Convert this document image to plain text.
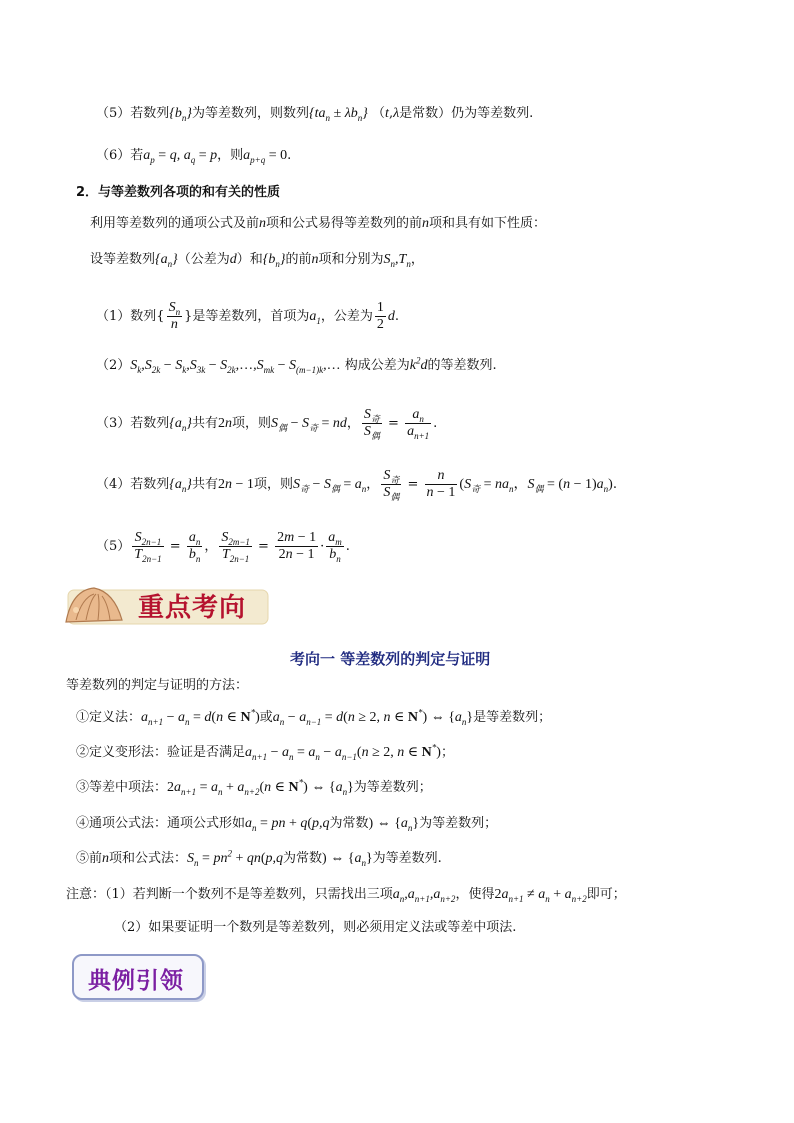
（5）若数列$\{b_n\}$为等差数列，则数列$\{ta_n \pm \lambda b_n\}$ （t,λ是常数）仍为等差数列.
（6）若$a_p = q$, $a_q = p$，则$a_{p+q} = 0$.
2．与等差数列各项的和有关的性质
利用等差数列的通项公式及前n项和公式易得等差数列的前n项和具有如下性质：
设等差数列$\{a_n\}$（公差为d）和$\{b_n\}$的前n项和分别为$S_n,T_n$，
（1）数列{ $\frac{S_n}{n}$ }是等差数列，首项为$a_1$，公差为 $\frac{1}{2} d$.
$(2)S_k,S_{2k} - S_k,S_{3k}$ − $S_{2k},\dots,S_{mk}$ − $S_{(m-1)k},\dots$ 构成公差为$k^2d$的等差数列.
（3）若数列$\{a_n\}$共有2n项，则$S_偶 - S_奇$ = nd， $\frac{S_奇}{S_偶} = \frac{a_n}{a_{n+1}}$ .
（4）若数列$\{a_n\}$共有2n − 1项，则$S_奇 - S_偶 = a_n$， $\frac{S_奇}{S_偶} = \frac{n}{n - 1} (S_奇 = na_n$，$S_偶 = (n - 1)a_n$).
$(5) \frac{S_{2n-1}}{T_{2n-1}} = \frac{a_n}{b_n}$ ， $\frac{S_{2m-1}}{T_{2n-1}} = \frac{2m - 1}{2n - 1} \cdot \frac{a_m}{b_n}$ .
重点考向
考向一 等差数列的判定与证明
等差数列的判定与证明的方法：
①定义法：$a_{n+1} - a_n = d(n$ ∈ N*)或$a_n - a_{n-1} = d(n \ge 2$, n ∈ N*) ⇔ $\{a_n\}$是等差数列；
②定义变形法：验证是否满足$a_{n+1} - a_n = a_n - a_{n-1}(n \ge 2$, n ∈ N*)；
③等差中项法：$2a_{n+1} = a_n + a_{n+2}(n$ ∈ N*) ⇔ $\{a_n\}$为等差数列；
④通项公式法：通项公式形如$a_n$ = pn + q(p,q为常数) ⇔ $\{a_n\}$为等差数列；
⑤前n项和公式法：$S_n = pn^2 + qn(p,q$为常数) ⇔ $\{a_n\}$为等差数列.
注意：（1）若判断一个数列不是等差数列，只需找出三项$a_n,a_{n+1},a_{n+2}$，使得$2a_{n+1} \ne a_n + a_{n+2}$即可；
（2）如果要证明一个数列是等差数列，则必须用定义法或等差中项法.
典例引领
